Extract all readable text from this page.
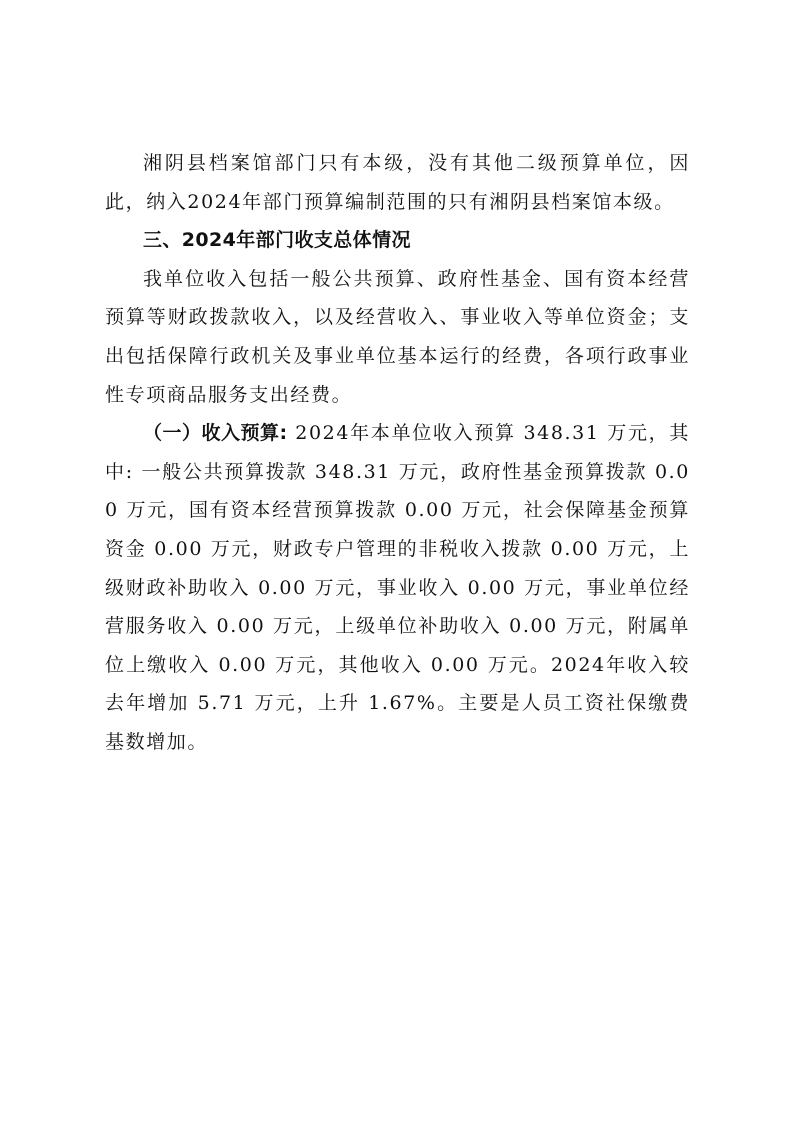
湘阴县档案馆部门只有本级，没有其他二级预算单位，因此，纳入2024年部门预算编制范围的只有湘阴县档案馆本级。

三、2024年部门收支总体情况

我单位收入包括一般公共预算、政府性基金、国有资本经营预算等财政拨款收入，以及经营收入、事业收入等单位资金；支出包括保障行政机关及事业单位基本运行的经费，各项行政事业性专项商品服务支出经费。

（一）收入预算: 2024年本单位收入预算 348.31 万元，其中: 一般公共预算拨款 348.31 万元，政府性基金预算拨款 0.00 万元，国有资本经营预算拨款 0.00 万元，社会保障基金预算资金 0.00 万元，财政专户管理的非税收入拨款 0.00 万元，上级财政补助收入 0.00 万元，事业收入 0.00 万元，事业单位经营服务收入 0.00 万元，上级单位补助收入 0.00 万元，附属单位上缴收入 0.00 万元，其他收入 0.00 万元。2024年收入较去年增加 5.71 万元，上升 1.67%。主要是人员工资社保缴费基数增加。
